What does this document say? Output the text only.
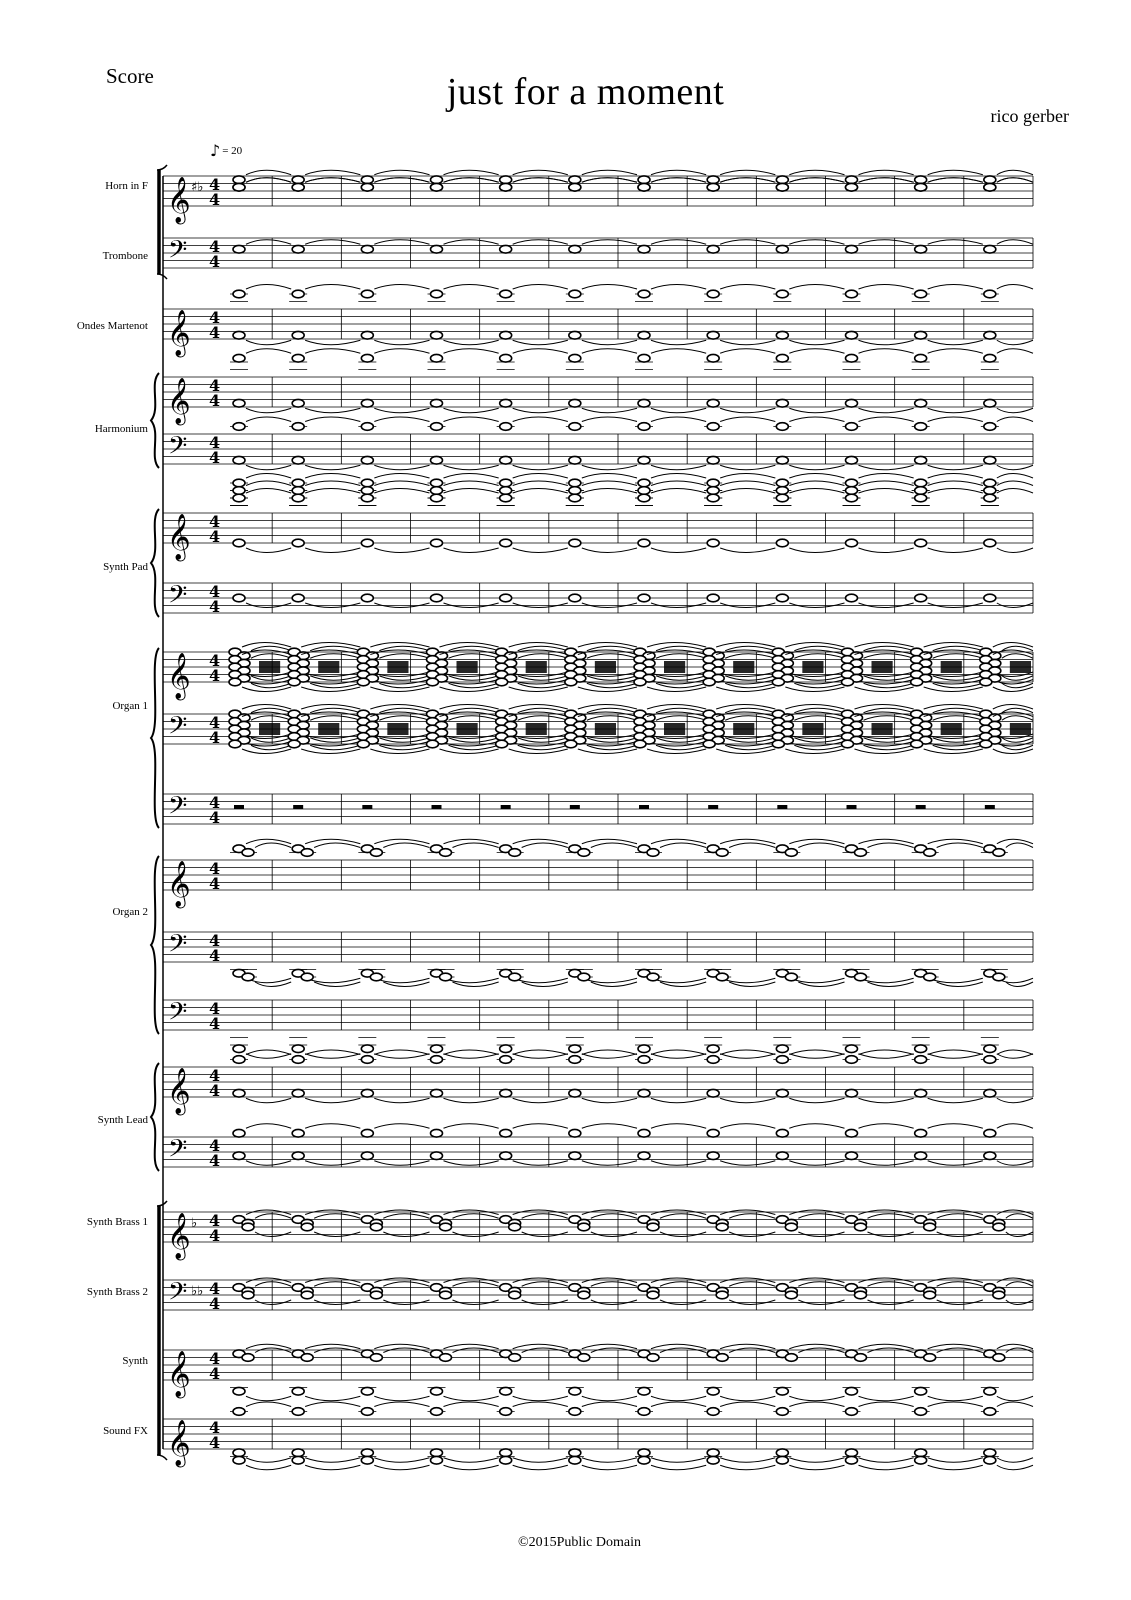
Score	just for a moment
rico gerber
♪ = 20
Horn in F
Trombone
Ondes Martenot
Harmonium
Synth Pad
Organ 1
Organ 2
Synth Lead
Synth Brass 1
Synth Brass 2
Synth
Sound FX
𝄞 ♯♭ 4
4
𝄢 4
4
𝄞 4
4
𝄞 4
4
𝄢 4
4
𝄞 4
4
𝄢 4
4
𝄞 4
4
𝄢 4
4
𝄢 4
4
𝄞 4
4
𝄢 4
4
𝄢 4
4
𝄞 4
4
𝄢 4
4
𝄞 ♭ 4
4
𝄢 ♭♭ 4
4
𝄞 4
4
𝄞 4
4
©2015Public Domain
